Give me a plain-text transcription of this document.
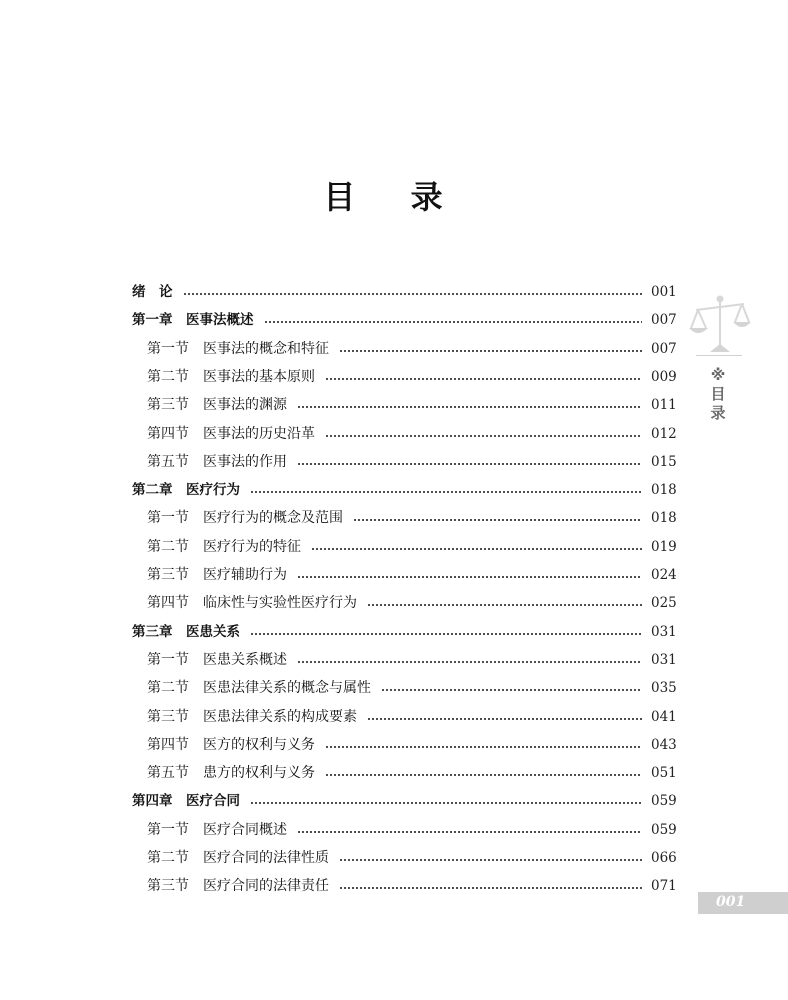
目 录
绪　论	001
第一章　医事法概述	007
第一节　医事法的概念和特征	007
第二节　医事法的基本原则	009
第三节　医事法的渊源	011
第四节　医事法的历史沿革	012
第五节　医事法的作用	015
第二章　医疗行为	018
第一节　医疗行为的概念及范围	018
第二节　医疗行为的特征	019
第三节　医疗辅助行为	024
第四节　临床性与实验性医疗行为	025
第三章　医患关系	031
第一节　医患关系概述	031
第二节　医患法律关系的概念与属性	035
第三节　医患法律关系的构成要素	041
第四节　医方的权利与义务	043
第五节　患方的权利与义务	051
第四章　医疗合同	059
第一节　医疗合同概述	059
第二节　医疗合同的法律性质	066
第三节　医疗合同的法律责任	071
※
目
录
001
